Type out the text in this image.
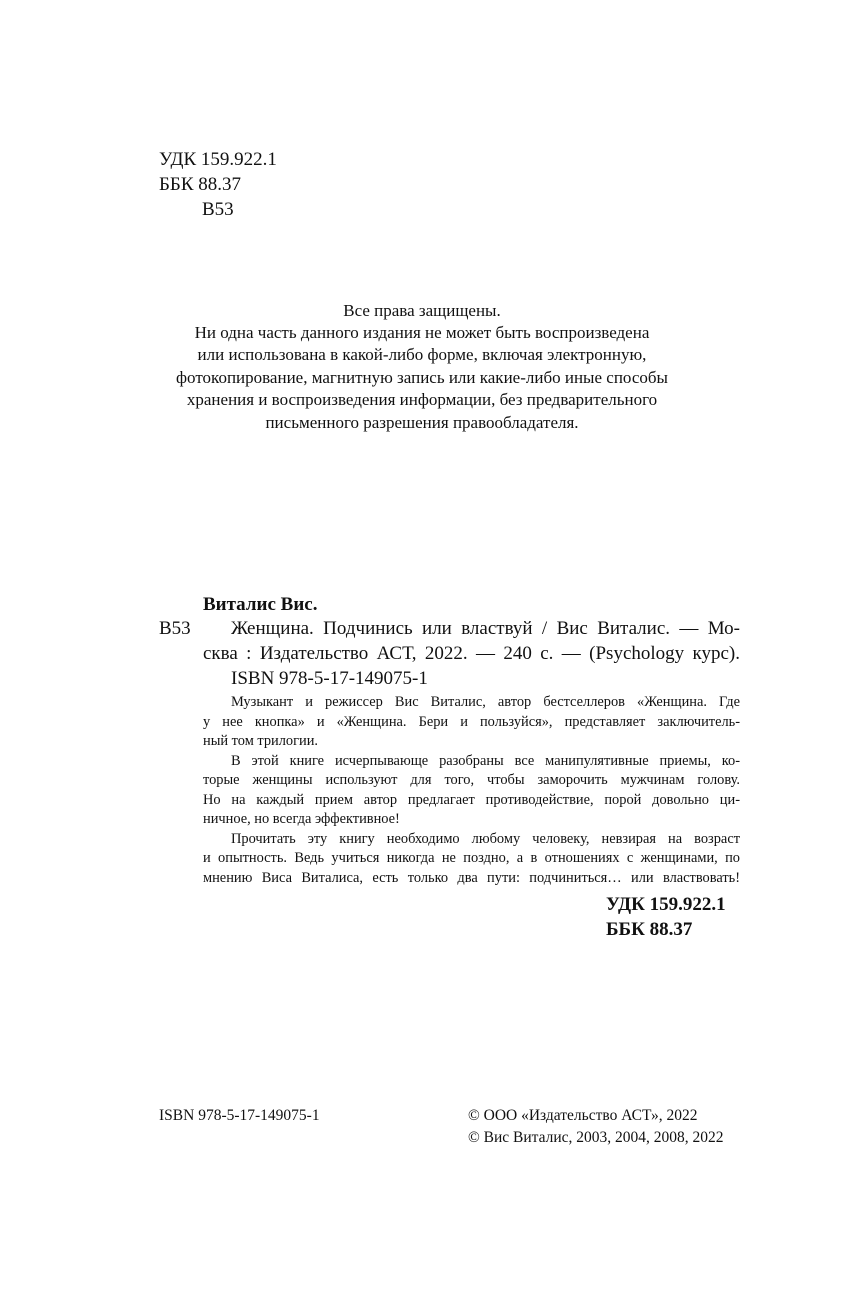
УДК 159.922.1
ББК 88.37
В53
Все права защищены.
Ни одна часть данного издания не может быть воспроизведена
или использована в какой-либо форме, включая электронную,
фотокопирование, магнитную запись или какие-либо иные способы
хранения и воспроизведения информации, без предварительного
письменного разрешения правообладателя.
Виталис Вис.
В53 Женщина. Подчинись или властвуй / Вис Виталис. — Мо-
сква : Издательство АСТ, 2022. — 240 с. — (Psychology курс).
ISBN 978-5-17-149075-1
Музыкант и режиссер Вис Виталис, автор бестселлеров «Женщина. Где
у нее кнопка» и «Женщина. Бери и пользуйся», представляет заключитель-
ный том трилогии.
В этой книге исчерпывающе разобраны все манипулятивные приемы, ко-
торые женщины используют для того, чтобы заморочить мужчинам голову.
Но на каждый прием автор предлагает противодействие, порой довольно ци-
ничное, но всегда эффективное!
Прочитать эту книгу необходимо любому человеку, невзирая на возраст
и опытность. Ведь учиться никогда не поздно, а в отношениях с женщинами, по
мнению Виса Виталиса, есть только два пути: подчиниться… или властвовать!
УДК 159.922.1
ББК 88.37
ISBN 978-5-17-149075-1	© ООО «Издательство АСТ», 2022
© Вис Виталис, 2003, 2004, 2008, 2022
